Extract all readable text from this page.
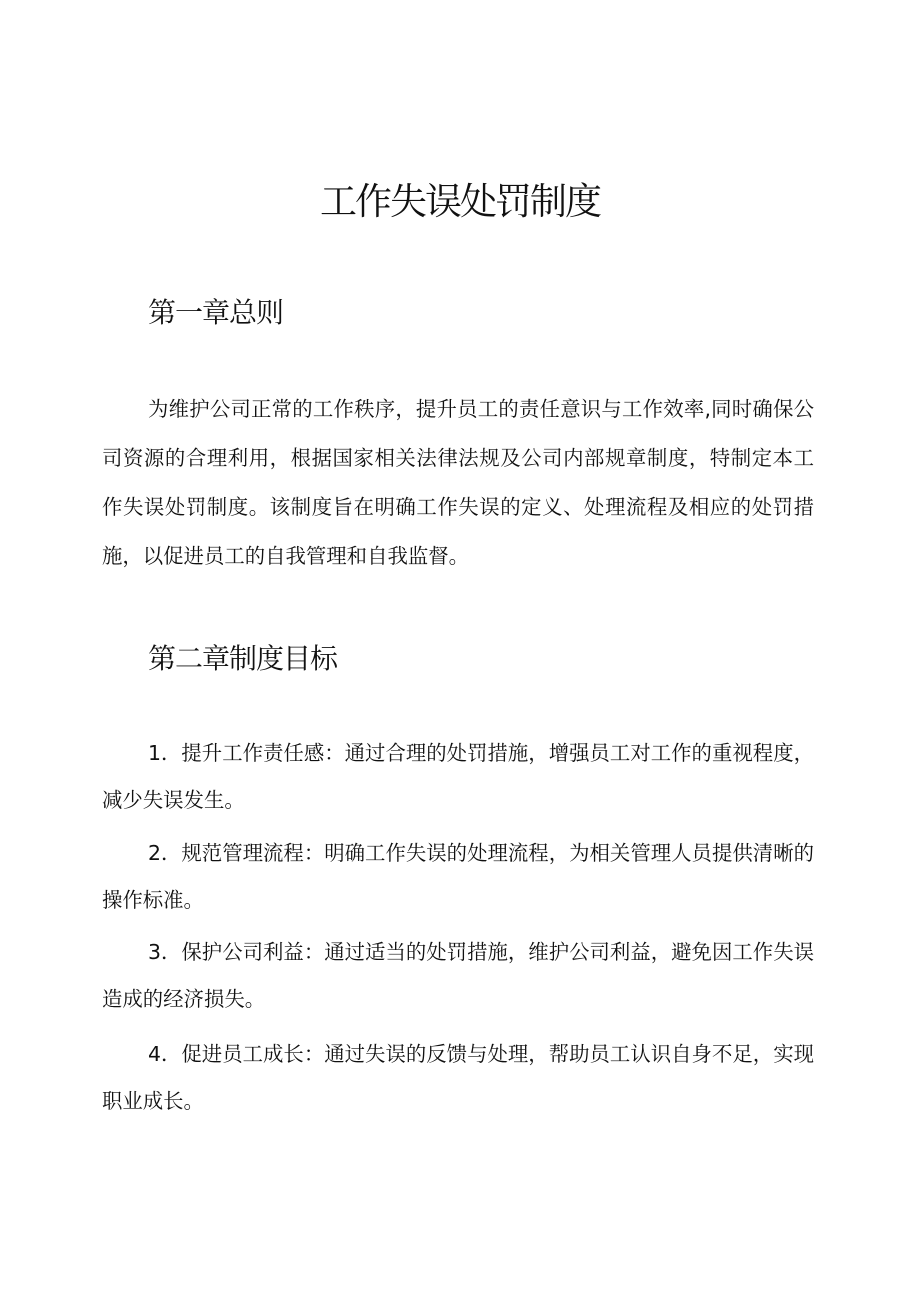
工作失误处罚制度
第一章总则

为维护公司正常的工作秩序，提升员工的责任意识与工作效率,同时确保公司资源的合理利用，根据国家相关法律法规及公司内部规章制度，特制定本工作失误处罚制度。该制度旨在明确工作失误的定义、处理流程及相应的处罚措施，以促进员工的自我管理和自我监督。

第二章制度目标

1．提升工作责任感：通过合理的处罚措施，增强员工对工作的重视程度，减少失误发生。

2．规范管理流程：明确工作失误的处理流程，为相关管理人员提供清晰的操作标准。

3．保护公司利益：通过适当的处罚措施，维护公司利益，避免因工作失误造成的经济损失。

4．促进员工成长：通过失误的反馈与处理，帮助员工认识自身不足，实现职业成长。
